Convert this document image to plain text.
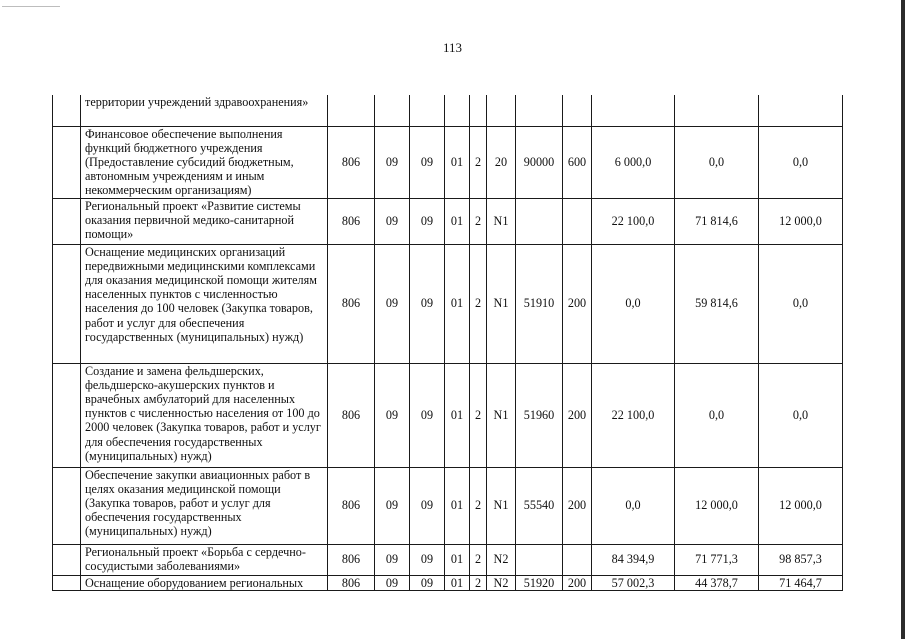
113
	территории учреждений здравоохранения»											
	Финансовое обеспечение выполнения функций бюджетного учреждения (Предоставление субсидий бюджетным, автономным учреждениям и иным некоммерческим организациям)	806	09	09	01	2	20	90000	600	6 000,0	0,0	0,0
	Региональный проект «Развитие системы оказания первичной медико-санитарной помощи»	806	09	09	01	2	N1			22 100,0	71 814,6	12 000,0
	Оснащение медицинских организаций передвижными медицинскими комплексами для оказания медицинской помощи жителям населенных пунктов с численностью населения до 100 человек (Закупка товаров, работ и услуг для обеспечения государственных (муниципальных) нужд)	806	09	09	01	2	N1	51910	200	0,0	59 814,6	0,0
	Создание и замена фельдшерских, фельдшерско-акушерских пунктов и врачебных амбулаторий для населенных пунктов с численностью населения от 100 до 2000 человек (Закупка товаров, работ и услуг для обеспечения государственных (муниципальных) нужд)	806	09	09	01	2	N1	51960	200	22 100,0	0,0	0,0
	Обеспечение закупки авиационных работ в целях оказания медицинской помощи (Закупка товаров, работ и услуг для обеспечения государственных (муниципальных) нужд)	806	09	09	01	2	N1	55540	200	0,0	12 000,0	12 000,0
	Региональный проект «Борьба с сердечно-сосудистыми заболеваниями»	806	09	09	01	2	N2			84 394,9	71 771,3	98 857,3
	Оснащение оборудованием региональных	806	09	09	01	2	N2	51920	200	57 002,3	44 378,7	71 464,7
